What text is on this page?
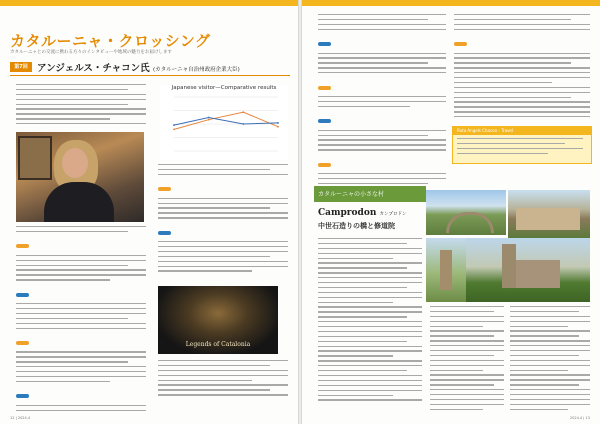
カタルーニャ・クロッシング
カタルーニャとの交流に携わる方々のインタビューや地域の魅力をお届けします
第7回 アンジェルス・チャコン氏 (カタルーニャ自治州政府企業大臣)
Japanese visitor—Comparative results
Legends of Catalonia
12 | 2024.4
Ruta Angels Chacon - Travel
カタルーニャの小さな村
Camprodon カンプロドン
中世石造りの橋と修道院
2024.4 | 13
